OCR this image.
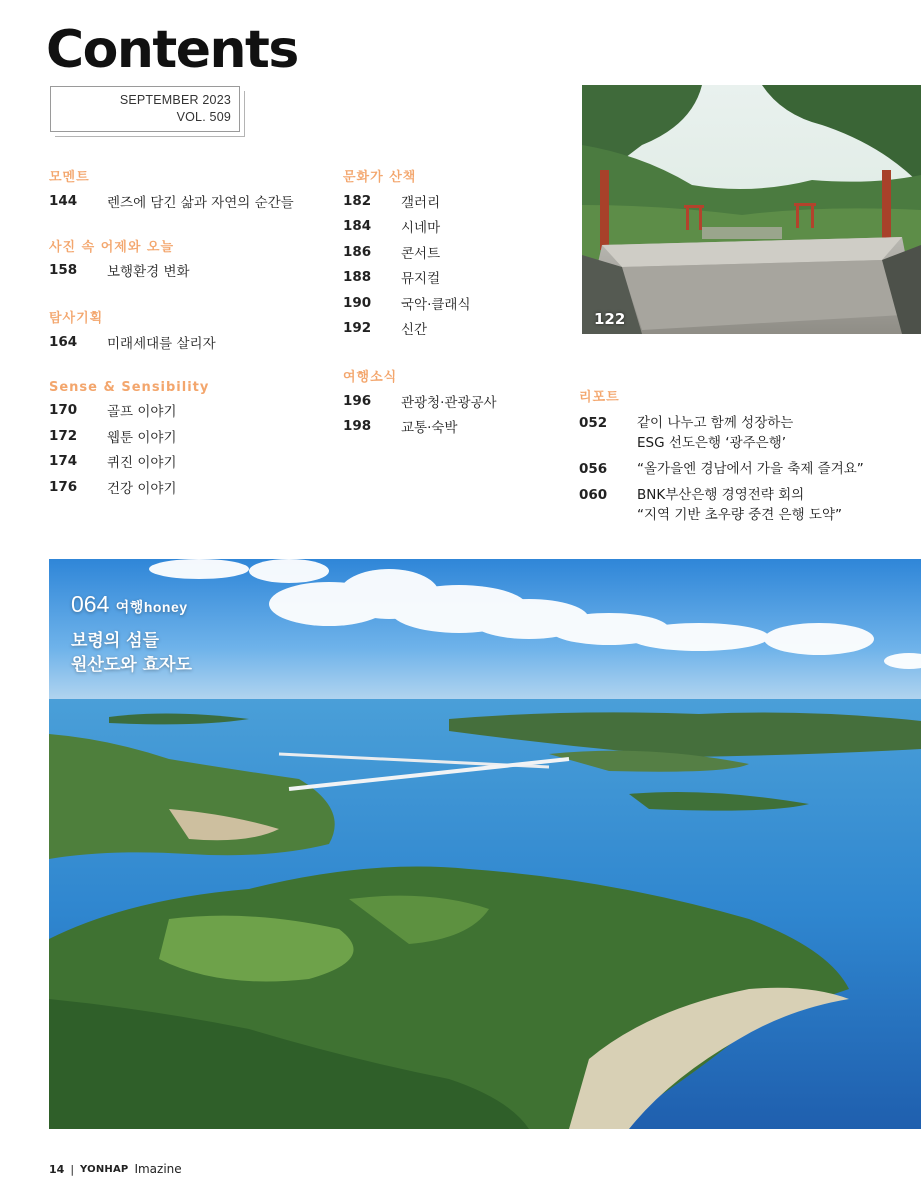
Contents
SEPTEMBER 2023
VOL. 509
모멘트
144	렌즈에 담긴 삶과 자연의 순간들
사진 속 어제와 오늘
158	보행환경 변화
탐사기획
164	미래세대를 살리자
Sense & Sensibility
170	골프 이야기
172	웹툰 이야기
174	퀴진 이야기
176	건강 이야기
문화가 산책
182	갤러리
184	시네마
186	콘서트
188	뮤지컬
190	국악·클래식
192	신간
여행소식
196	관광청·관광공사
198	교통·숙박
122
리포트
052	같이 나누고 함께 성장하는
ESG 선도은행 ‘광주은행’
056	“올가을엔 경남에서 가을 축제 즐겨요”
060	BNK부산은행 경영전략 회의
“지역 기반 초우량 중견 은행 도약”
064 여행honey
보령의 섬들
원산도와 효자도
14 | YONHAP Imazine
